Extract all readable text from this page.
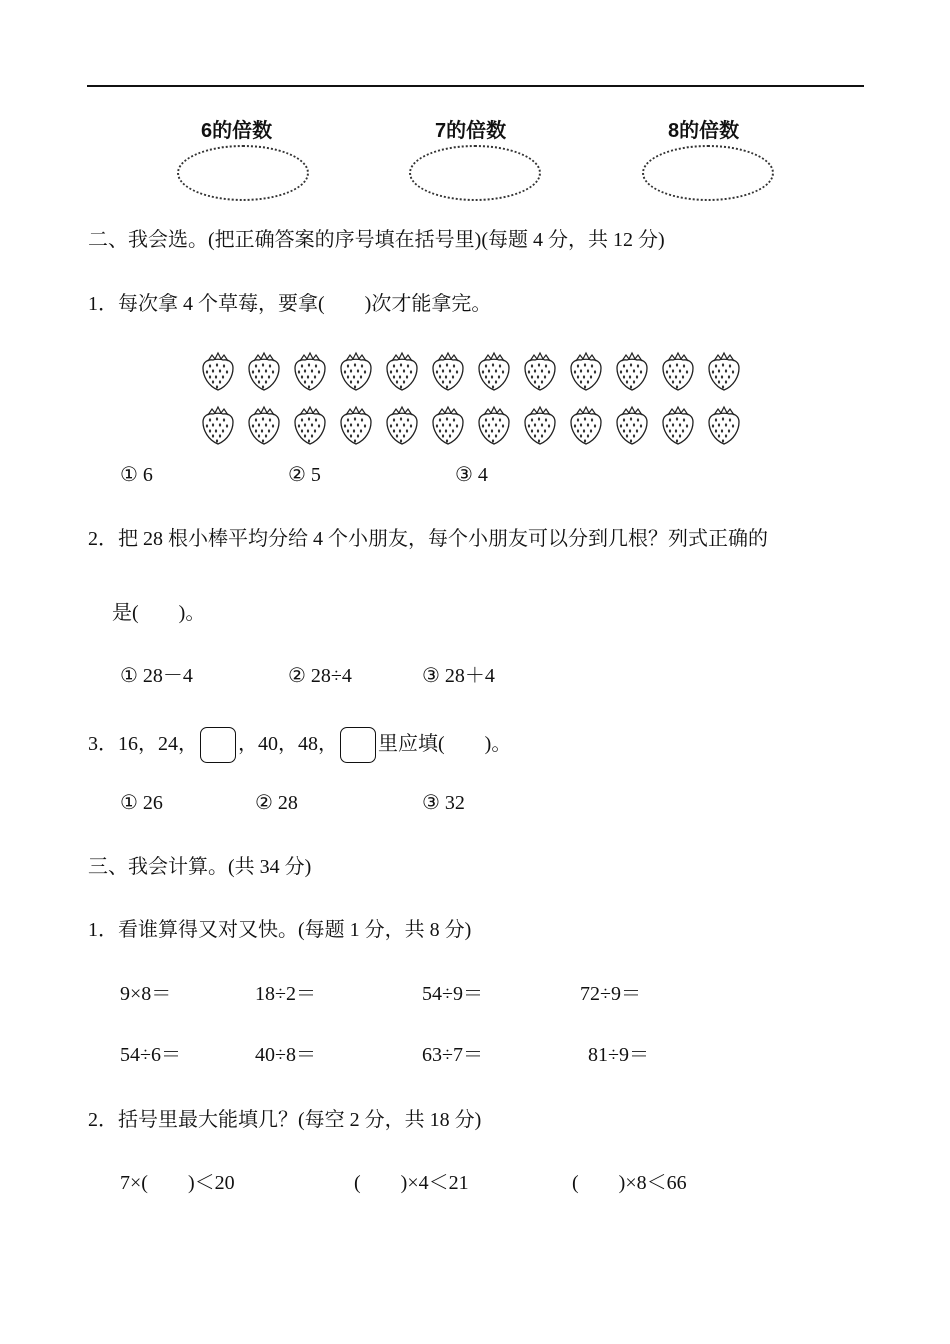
6的倍数	7的倍数	8的倍数
二、我会选。(把正确答案的序号填在括号里)(每题 4 分，共 12 分)
1．每次拿 4 个草莓，要拿(　　)次才能拿完。
① 6	② 5	③ 4
2．把 28 根小棒平均分给 4 个小朋友，每个小朋友可以分到几根？列式正确的
是(　　)。
① 28－4	② 28÷4	③ 28＋4
3．16，24， ，40，48， 里应填(　　)。
① 26	② 28	③ 32
三、我会计算。(共 34 分)
1．看谁算得又对又快。(每题 1 分，共 8 分)
9×8＝	18÷2＝	54÷9＝	72÷9＝
54÷6＝	40÷8＝	63÷7＝	81÷9＝
2．括号里最大能填几？(每空 2 分，共 18 分)
7×(　　)＜20	(　　)×4＜21	(　　)×8＜66
